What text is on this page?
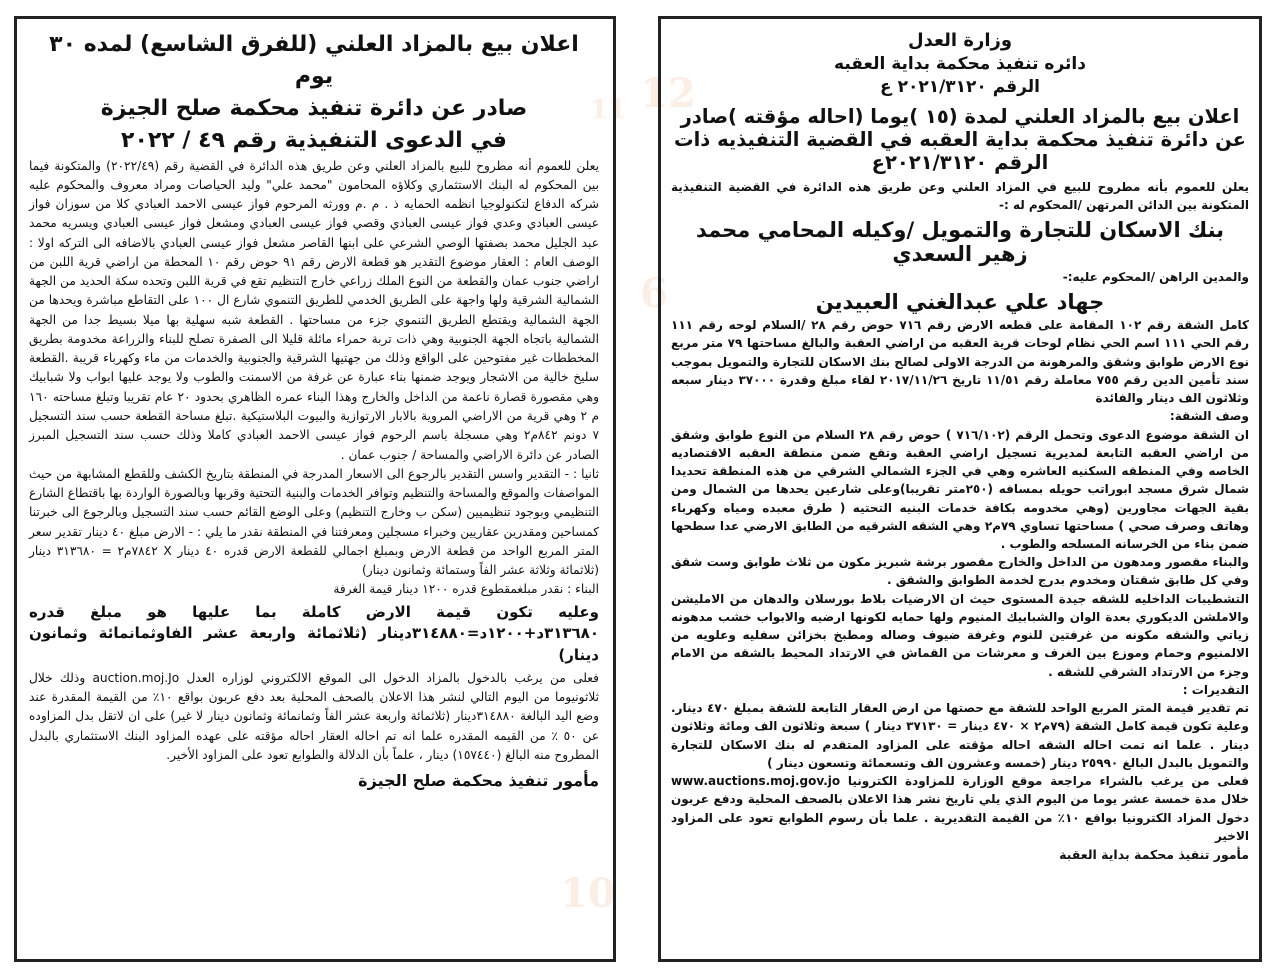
12
6
10
11
وزارة العدل
دائره تنفيذ محكمة بداية العقبه
الرقم ٢٠٢١/٣١٢٠ ع
اعلان بيع بالمزاد العلني لمدة (١٥ )يوما (احاله مؤقته )صادر عن دائرة تنفيذ محكمة بداية العقبه في القضية التنفيذيه ذات الرقم ٢٠٢١/٣١٢٠ع

يعلن للعموم بأنه مطروح للبيع في المزاد العلني وعن طريق هذه الدائرة في القضية التنفيذية المتكونة بين الدائن المرتهن /المحكوم له :-

بنك الاسكان للتجارة والتمويل /وكيله المحامي محمد زهير السعدي

والمدين الراهن /المحكوم عليه:-

جهاد علي عبدالغني العبيدين

كامل الشقة رقم ١٠٢ المقامة على قطعه الارض رقم ٧١٦ حوض رقم ٢٨ /السلام لوحه رقم ١١١ رقم الحي ١١١ اسم الحي نظام لوحات قرية العقبه من اراضي العقبة والبالغ مساحتها ٧٩ متر مربع نوع الارض طوابق وشقق والمرهونة من الدرجة الاولى لصالح بنك الاسكان للتجارة والتمويل بموجب سند تأمين الدين رقم ٧٥٥ معاملة رقم ١١/٥١ تاريخ ٢٠١٧/١١/٢٦ لقاء مبلغ وقدرة ٣٧٠٠٠ دينار سبعه وثلاثون الف دينار والفائدة

وصف الشقة:

ان الشقة موضوع الدعوى وتحمل الرقم (٧١٦/١٠٢ ) حوض رقم ٢٨ السلام من النوع طوابق وشقق من اراضي العقبه التابعة لمديرية تسجيل اراضي العقبة وتقع ضمن منطقة العقبه الاقتصاديه الخاصه وفي المنطقه السكنيه العاشره وهي في الجزء الشمالي الشرقي من هذه المنطقة تحديدا شمال شرق مسجد ابوراتب حويله بمسافه (٢٥٠متر تقريبا)وعلى شارعين يحدها من الشمال ومن بقية الجهات مجاورين (وهي مخدومه بكافة خدمات البنيه التحتيه ( طرق معبده ومياه وكهرباء وهاتف وصرف صحي ) مساحتها تساوي ٧٩م٢ وهي الشقه الشرقيه من الطابق الارضي عدا سطحها ضمن بناء من الخرسانه المسلحه والطوب .

والبناء مقصور ومدهون من الداخل والخارج مقصور برشة شبريز مكون من ثلاث طوابق وست شقق وفي كل طابق شقتان ومخدوم بدرج لخدمة الطوابق والشقق .

التشطيبات الداخليه للشقه جيدة المستوى حيث ان الارضيات بلاط بورسلان والدهان من الامليشن والاملشن الديكوري بعدة الوان والشبابيك المنيوم ولها حمايه لكونها ارضيه والابواب خشب مدهونه زياتي والشقه مكونه من غرفتين للنوم وغرفة ضيوف وصاله ومطبخ بخزائن سفليه وعلويه من الالمنيوم وحمام وموزع بين الغرف و معرشات من القماش في الارتداد المحيط بالشقه من الامام وجزء من الارتداد الشرقي للشقه .

التقديرات :

تم تقدير قيمة المتر المربع الواحد للشقة مع حصتها من ارض العقار التابعة للشقة بمبلغ ٤٧٠ دينار. وعلية تكون قيمة كامل الشقة (٧٩م٢ × ٤٧٠ دينار = ٣٧١٣٠ دينار ) سبعة وثلاثون الف ومائة وثلاثون دينار . علما انه تمت احاله الشقه احاله مؤقته على المزاود المتقدم له بنك الاسكان للتجارة والتمويل بالبدل البالغ ٢٥٩٩٠ دينار (خمسه وعشرون الف وتسعمائة وتسعون دينار )

فعلى من يرغب بالشراء مراجعة موقع الوزارة للمزاودة الكترونيا www.auctions.moj.gov.jo خلال مدة خمسة عشر يوما من اليوم الذي يلي تاريخ نشر هذا الاعلان بالصحف المحلية ودفع عربون دخول المزاد الكترونيا بواقع ١٠٪ من القيمة التقديرية . علما بأن رسوم الطوابع تعود على المزاود الاخير

مأمور تنفيذ محكمة بداية العقبة
اعلان بيع بالمزاد العلني (للفرق الشاسع) لمده ٣٠ يوم
صادر عن دائرة تنفيذ محكمة صلح الجيزة
في الدعوى التنفيذية رقم ٤٩ / ٢٠٢٢

يعلن للعموم أنه مطروح للبيع بالمزاد العلني وعن طريق هذه الدائرة في القضية رقم (٢٠٢٢/٤٩) والمتكونة فيما بين المحكوم له البنك الاستثماري وكلاؤه المحامون "محمد علي" وليد الحياصات ومراد معروف والمحكوم عليه شركه الدفاع لتكنولوجيا انظمه الحمايه ذ . م .م وورثه المرحوم فواز عيسى الاحمد العبادي كلا من سوزان فواز عيسى العبادي وعدي فواز عيسى العبادي وقصي فواز عيسى العبادي ومشعل فواز عيسى العبادي ويسريه محمد عبد الجليل محمد بصفتها الوصي الشرعي على ابنها القاصر مشعل فواز عيسى العبادي بالاضافه الى التركه اولا : الوصف العام : العقار موضوع التقدير هو قطعة الارض رقم ٩١ حوض رقم ١٠ المحطة من اراضي قرية اللبن من اراضي جنوب عمان والقطعة من النوع الملك زراعي خارج التنظيم تقع في قرية اللبن وتحده سكة الحديد من الجهة الشمالية الشرقية ولها واجهة على الطريق الخدمي للطريق التنموي شارع ال ١٠٠ على التقاطع مباشرة ويحدها من الجهة الشمالية ويقتطع الطريق التنموي جزء من مساحتها . القطعة شبه سهلية بها ميلا بسيط جدا من الجهة الشمالية باتجاه الجهة الجنوبية وهي ذات تربة حمراء مائلة قليلا الى الصفرة تصلح للبناء والزراعة مخدومة بطريق المخططات غير مفتوحين على الواقع وذلك من جهتيها الشرقية والجنوبية والخدمات من ماء وكهرباء قريبة .القطعة سليخ خالية من الاشجار ويوجد ضمنها بناء عبارة عن غرفة من الاسمنت والطوب ولا يوجد عليها ابواب ولا شبابيك وهي مقصورة قصارة ناعمة من الداخل والخارج وهذا البناء عمره الظاهري بحدود ٢٠ عام تقريبا وتبلغ مساحته ١٦٠ م ٢ وهي قرية من الاراضي المروية بالابار الارتوازية والبيوت البلاستيكية .تبلغ مساحة القطعة حسب سند التسجيل ٧ دونم ٨٤٢م٢ وهي مسجلة باسم الرحوم فواز عيسى الاحمد العبادي كاملا وذلك حسب سند التسجيل المبرز الصادر عن دائرة الاراضي والمساحة / جنوب عمان .

ثانيا : - التقدير واسس التقدير بالرجوع الى الاسعار المدرجة في المنطقة بتاريخ الكشف وللقطع المشابهة من حيث المواصفات والموقع والمساحة والتنظيم وتوافر الخدمات والبنية التحتية وقربها وبالصورة الواردة بها باقتطاع الشارع التنظيمي وبوجود تنظيميين (سكن ب وخارج التنظيم) وعلى الوضع القائم حسب سند التسجيل وبالرجوع الى خبرتنا كمساحين ومقدرين عقاريين وخبراء مسجلين ومعرفتنا في المنطقة نقدر ما يلي : - الارض مبلغ ٤٠ دينار تقدير سعر المتر المربع الواحد من قطعة الارض وبمبلغ اجمالي للقطعة الارض قدره ٤٠ دينار X ٧٨٤٢م٢ = ٣١٣٦٨٠ دينار (ثلاثمائة وثلاثة عشر الفاً وستمائة وثمانون دينار)

البناء : نقدر مبلغمقطوع قدره ١٢٠٠ دينار قيمة الغرفة

وعليه تكون قيمة الارض كاملة بما عليها هو مبلغ قدره ٣١٣٦٨٠د+١٢٠٠د=٣١٤٨٨٠دينار (ثلاثمائة واربعة عشر الفاوثمانمائة وثمانون دينار)

فعلى من يرغب بالدخول بالمزاد الدخول الى الموقع الالكتروني لوزاره العدل auction.moj.Jo وذلك خلال ثلاثونيوما من اليوم التالي لنشر هذا الاعلان بالصحف المحلية بعد دفع عربون بواقع ١٠٪ من القيمة المقدرة عند وضع اليد البالغة ٣١٤٨٨٠دينار (ثلاثمائة واربعة عشر الفاً وثمانمائة وثمانون دينار لا غير) على ان لاتقل بدل المزاوده عن ٥٠ ٪ من القيمه المقدره علما انه تم احاله العقار احاله مؤقته على عهده المزاود البنك الاستثماري بالبدل المطروح منه البالغ (١٥٧٤٤٠) دينار ، علماً بأن الدلالة والطوابع تعود على المزاود الأخير.

مأمور تنفيذ محكمة صلح الجيزة
